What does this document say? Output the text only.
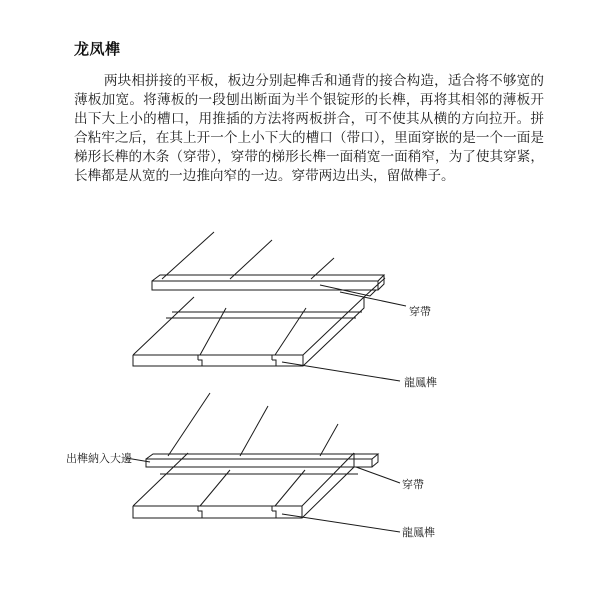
龙凤榫
两块相拼接的平板，板边分别起榫舌和通背的接合构造，适合将不够宽的薄板加宽。将薄板的一段刨出断面为半个银锭形的长榫，再将其相邻的薄板开出下大上小的槽口，用推插的方法将两板拼合，可不使其从横的方向拉开。拼合粘牢之后，在其上开一个上小下大的槽口（带口），里面穿嵌的是一个一面是梯形长榫的木条（穿带），穿带的梯形长榫一面稍宽一面稍窄，为了使其穿紧，长榫都是从宽的一边推向窄的一边。穿带两边出头，留做榫子。
穿帶
龍鳳榫
出榫納入大邊
穿帶
龍鳳榫
